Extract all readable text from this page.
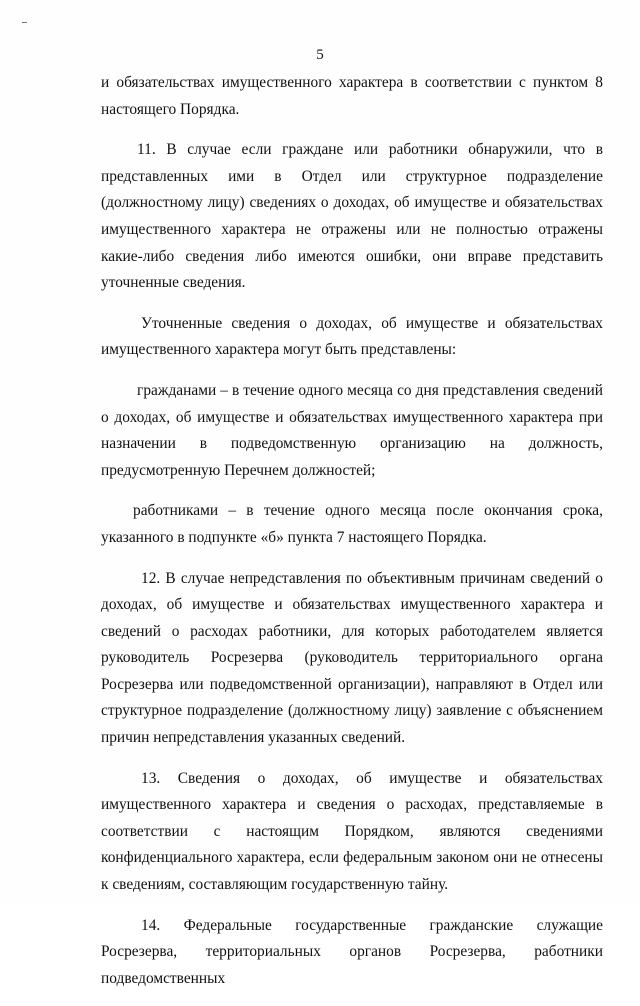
5

и обязательствах имущественного характера в соответствии с пунктом 8 настоящего Порядка.

11. В случае если граждане или работники обнаружили, что в представленных ими в Отдел или структурное подразделение (должностному лицу) сведениях о доходах, об имуществе и обязательствах имущественного характера не отражены или не полностью отражены какие-либо сведения либо имеются ошибки, они вправе представить уточненные сведения.

Уточненные сведения о доходах, об имуществе и обязательствах имущественного характера могут быть представлены:

гражданами – в течение одного месяца со дня представления сведений о доходах, об имуществе и обязательствах имущественного характера при назначении в подведомственную организацию на должность, предусмотренную Перечнем должностей;

работниками – в течение одного месяца после окончания срока, указанного в подпункте «б» пункта 7 настоящего Порядка.

12. В случае непредставления по объективным причинам сведений о доходах, об имуществе и обязательствах имущественного характера и сведений о расходах работники, для которых работодателем является руководитель Росрезерва (руководитель территориального органа Росрезерва или подведомственной организации), направляют в Отдел или структурное подразделение (должностному лицу) заявление с объяснением причин непредставления указанных сведений.

13. Сведения о доходах, об имуществе и обязательствах имущественного характера и сведения о расходах, представляемые в соответствии с настоящим Порядком, являются сведениями конфиденциального характера, если федеральным законом они не отнесены к сведениям, составляющим государственную тайну.

14. Федеральные государственные гражданские служащие Росрезерва, территориальных органов Росрезерва, работники подведомственных
